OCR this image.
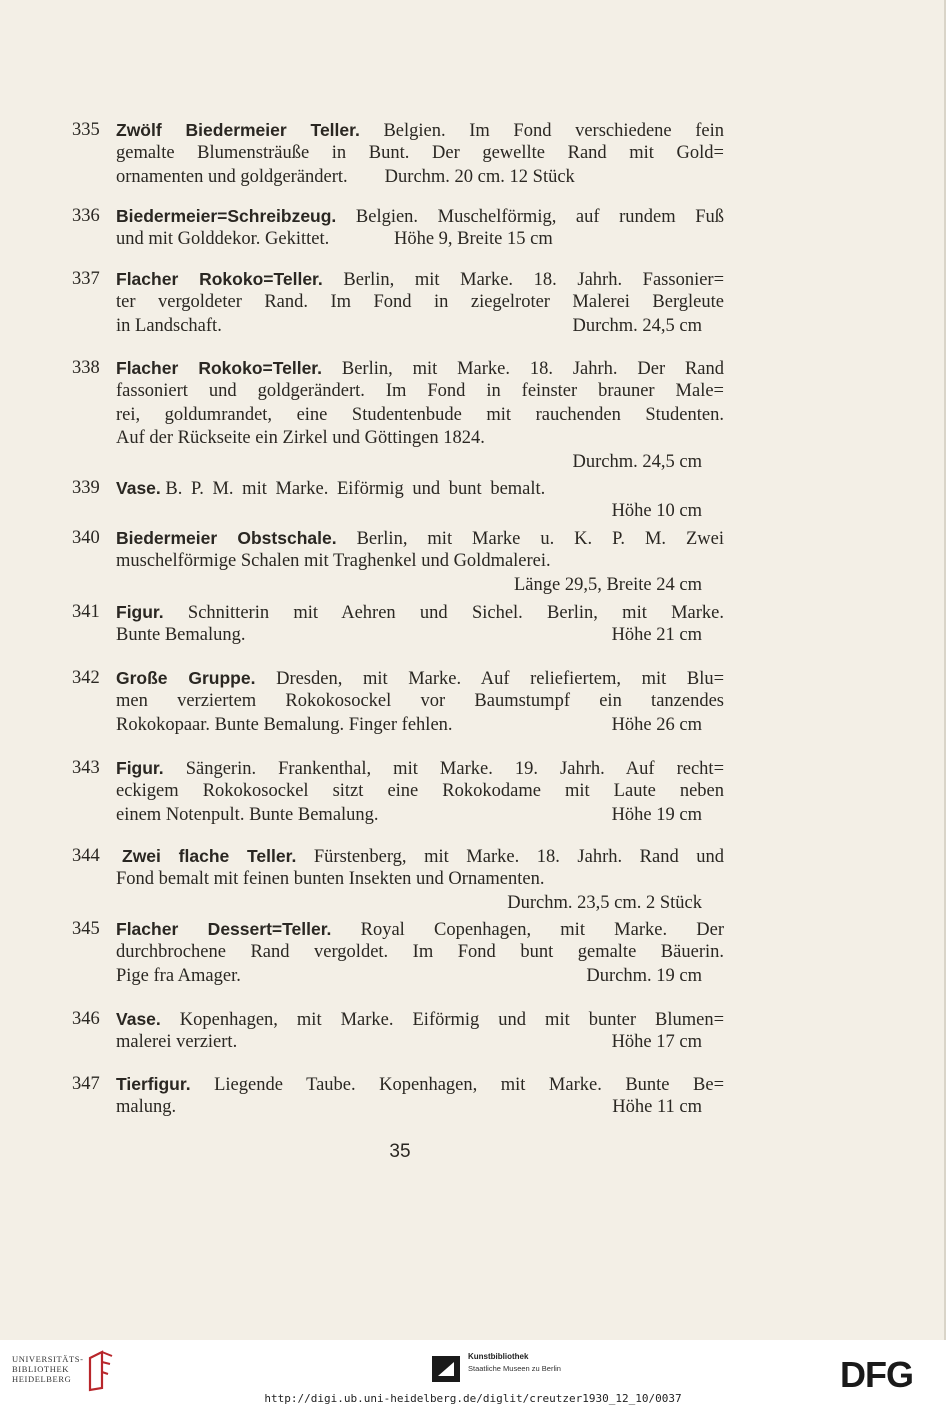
335 Zwölf Biedermeier Teller. Belgien. Im Fond verschiedene fein
gemalte Blumensträuße in Bunt. Der gewellte Rand mit Gold=
ornamenten und goldgerändert.        Durchm. 20 cm. 12 Stück
336 Biedermeier=Schreibzeug. Belgien. Muschelförmig, auf rundem Fuß
und mit Golddekor. Gekittet.              Höhe 9, Breite 15 cm
337 Flacher Rokoko=Teller. Berlin, mit Marke. 18. Jahrh. Fassonier=
ter vergoldeter Rand. Im Fond in ziegelroter Malerei Bergleute
in Landschaft.	Durchm. 24,5 cm
338 Flacher Rokoko=Teller. Berlin, mit Marke. 18. Jahrh. Der Rand
fassoniert und goldgerändert. Im Fond in feinster brauner Male=
rei, goldumrandet, eine Studentenbude mit rauchenden Studenten.
Auf der Rückseite ein Zirkel und Göttingen 1824.
Durchm. 24,5 cm
339 Vase. B. P. M. mit Marke. Eiförmig und bunt bemalt.
Höhe 10 cm
340 Biedermeier Obstschale. Berlin, mit Marke u. K. P. M. Zwei
muschelförmige Schalen mit Traghenkel und Goldmalerei.
Länge 29,5, Breite 24 cm
341 Figur. Schnitterin mit Aehren und Sichel. Berlin, mit Marke.
Bunte Bemalung.	Höhe 21 cm
342 Große Gruppe. Dresden, mit Marke. Auf reliefiertem, mit Blu=
men verziertem Rokokosockel vor Baumstumpf ein tanzendes
Rokokopaar. Bunte Bemalung. Finger fehlen.	Höhe 26 cm
343 Figur. Sängerin. Frankenthal, mit Marke. 19. Jahrh. Auf recht=
eckigem Rokokosockel sitzt eine Rokokodame mit Laute neben
einem Notenpult. Bunte Bemalung.	Höhe 19 cm
344	Zwei flache Teller. Fürstenberg, mit Marke. 18. Jahrh. Rand und
Fond bemalt mit feinen bunten Insekten und Ornamenten.
Durchm. 23,5 cm. 2 Stück
345 Flacher Dessert=Teller. Royal Copenhagen, mit Marke. Der
durchbrochene Rand vergoldet. Im Fond bunt gemalte Bäuerin.
Pige fra Amager.	Durchm. 19 cm
346 Vase. Kopenhagen, mit Marke. Eiförmig und mit bunter Blumen=
malerei verziert.	Höhe 17 cm
347 Tierfigur. Liegende Taube. Kopenhagen, mit Marke. Bunte Be=
malung.	Höhe 11 cm
35
UNIVERSITÄTS-
BIBLIOTHEK
HEIDELBERG
Kunstbibliothek
Staatliche Museen zu Berlin	DFG
http://digi.ub.uni-heidelberg.de/diglit/creutzer1930_12_10/0037
